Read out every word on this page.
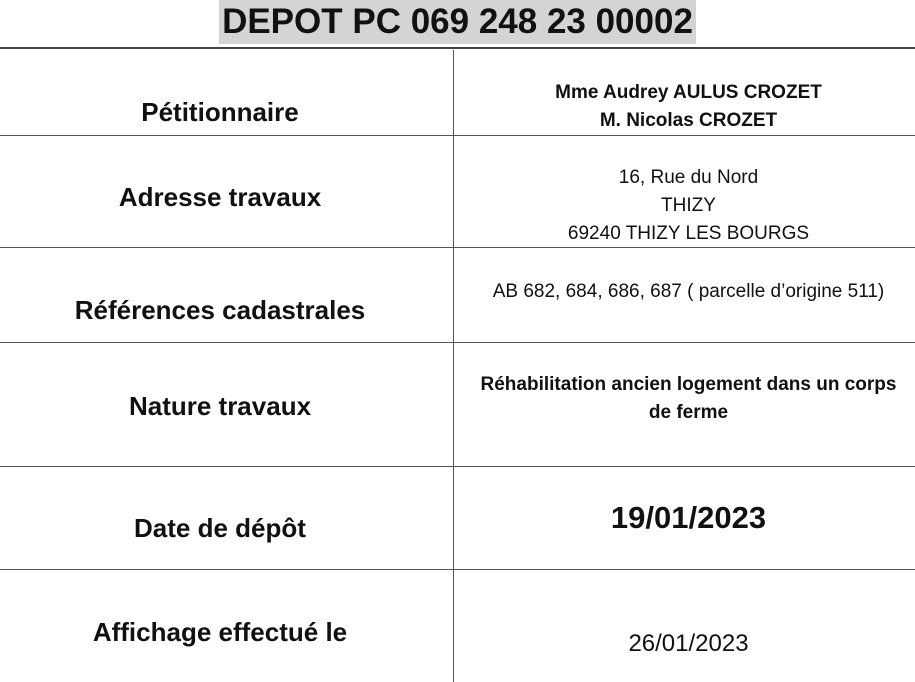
DEPOT PC 069 248 23 00002
Pétitionnaire
Mme Audrey AULUS CROZET
M. Nicolas CROZET
Adresse travaux
16, Rue du Nord
THIZY
69240 THIZY LES BOURGS
Références cadastrales
AB 682, 684, 686, 687 ( parcelle d’origine 511)
Nature travaux
Réhabilitation ancien logement dans un corps
de ferme
Date de dépôt	19/01/2023
Affichage effectué le	26/01/2023
